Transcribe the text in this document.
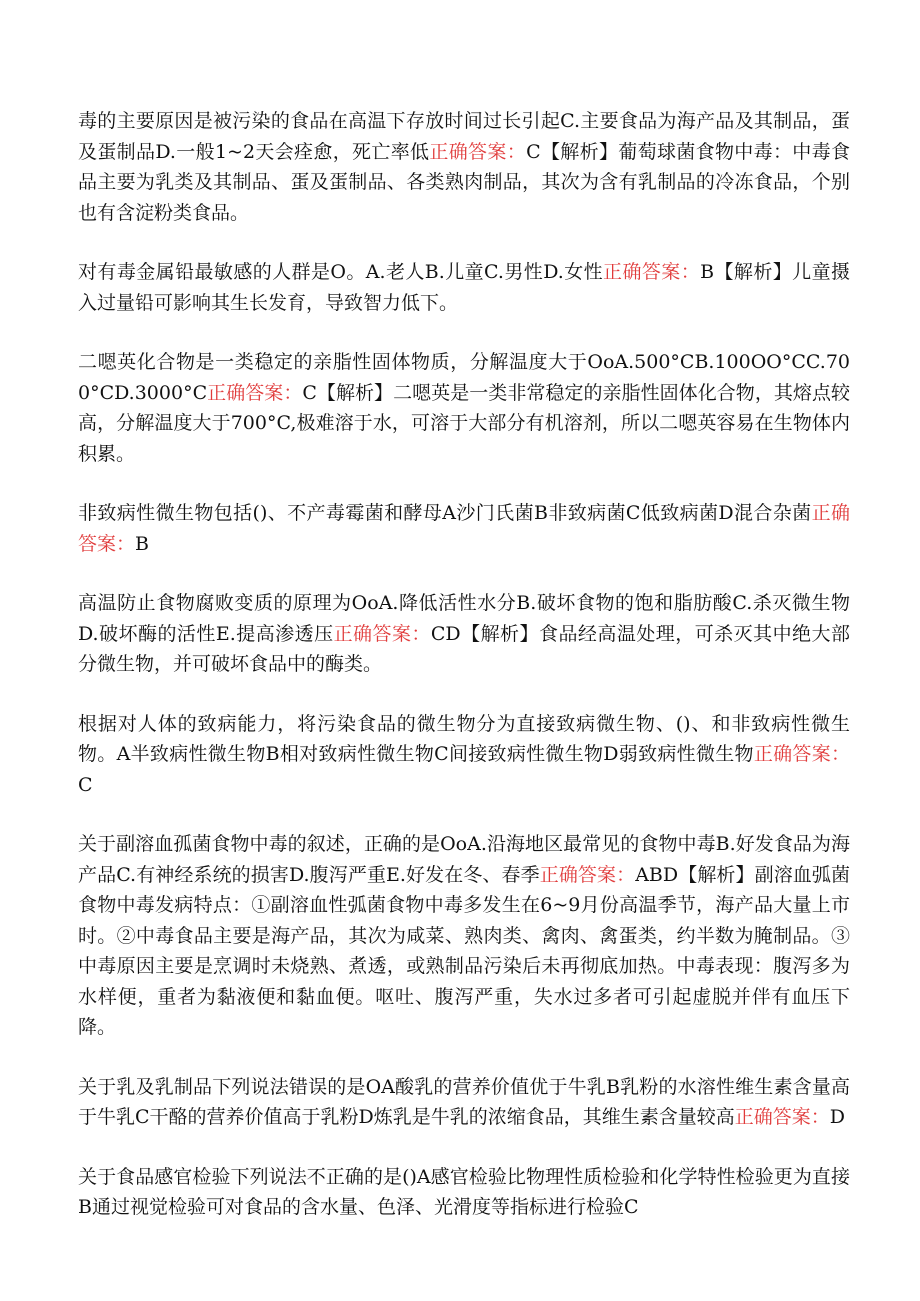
毒的主要原因是被污染的食品在高温下存放时间过长引起C.主要食品为海产品及其制品，蛋及蛋制品D.一般1~2天会痊愈，死亡率低正确答案：C【解析】葡萄球菌食物中毒：中毒食品主要为乳类及其制品、蛋及蛋制品、各类熟肉制品，其次为含有乳制品的冷冻食品，个别也有含淀粉类食品。

对有毒金属铅最敏感的人群是O。A.老人B.儿童C.男性D.女性正确答案：B【解析】儿童摄入过量铅可影响其生长发育，导致智力低下。

二嗯英化合物是一类稳定的亲脂性固体物质，分解温度大于OoA.500°CB.100OO°CC.700°CD.3000°C正确答案：C【解析】二嗯英是一类非常稳定的亲脂性固体化合物，其熔点较高，分解温度大于700°C,极难溶于水，可溶于大部分有机溶剂，所以二嗯英容易在生物体内积累。

非致病性微生物包括()、不产毒霉菌和酵母A沙门氏菌B非致病菌C低致病菌D混合杂菌正确答案：B

高温防止食物腐败变质的原理为OoA.降低活性水分B.破坏食物的饱和脂肪酸C.杀灭微生物D.破坏酶的活性E.提高渗透压正确答案：CD【解析】食品经高温处理，可杀灭其中绝大部分微生物，并可破坏食品中的酶类。

根据对人体的致病能力，将污染食品的微生物分为直接致病微生物、()、和非致病性微生物。A半致病性微生物B相对致病性微生物C间接致病性微生物D弱致病性微生物正确答案：C

关于副溶血孤菌食物中毒的叙述，正确的是OoA.沿海地区最常见的食物中毒B.好发食品为海产品C.有神经系统的损害D.腹泻严重E.好发在冬、春季正确答案：ABD【解析】副溶血弧菌食物中毒发病特点：①副溶血性弧菌食物中毒多发生在6~9月份高温季节，海产品大量上市时。②中毒食品主要是海产品，其次为咸菜、熟肉类、禽肉、禽蛋类，约半数为腌制品。③中毒原因主要是烹调时未烧熟、煮透，或熟制品污染后未再彻底加热。中毒表现：腹泻多为水样便，重者为黏液便和黏血便。呕吐、腹泻严重，失水过多者可引起虚脱并伴有血压下降。

关于乳及乳制品下列说法错误的是OA酸乳的营养价值优于牛乳B乳粉的水溶性维生素含量高于牛乳C干酪的营养价值高于乳粉D炼乳是牛乳的浓缩食品，其维生素含量较高正确答案：D

关于食品感官检验下列说法不正确的是()A感官检验比物理性质检验和化学特性检验更为直接B通过视觉检验可对食品的含水量、色泽、光滑度等指标进行检验C
